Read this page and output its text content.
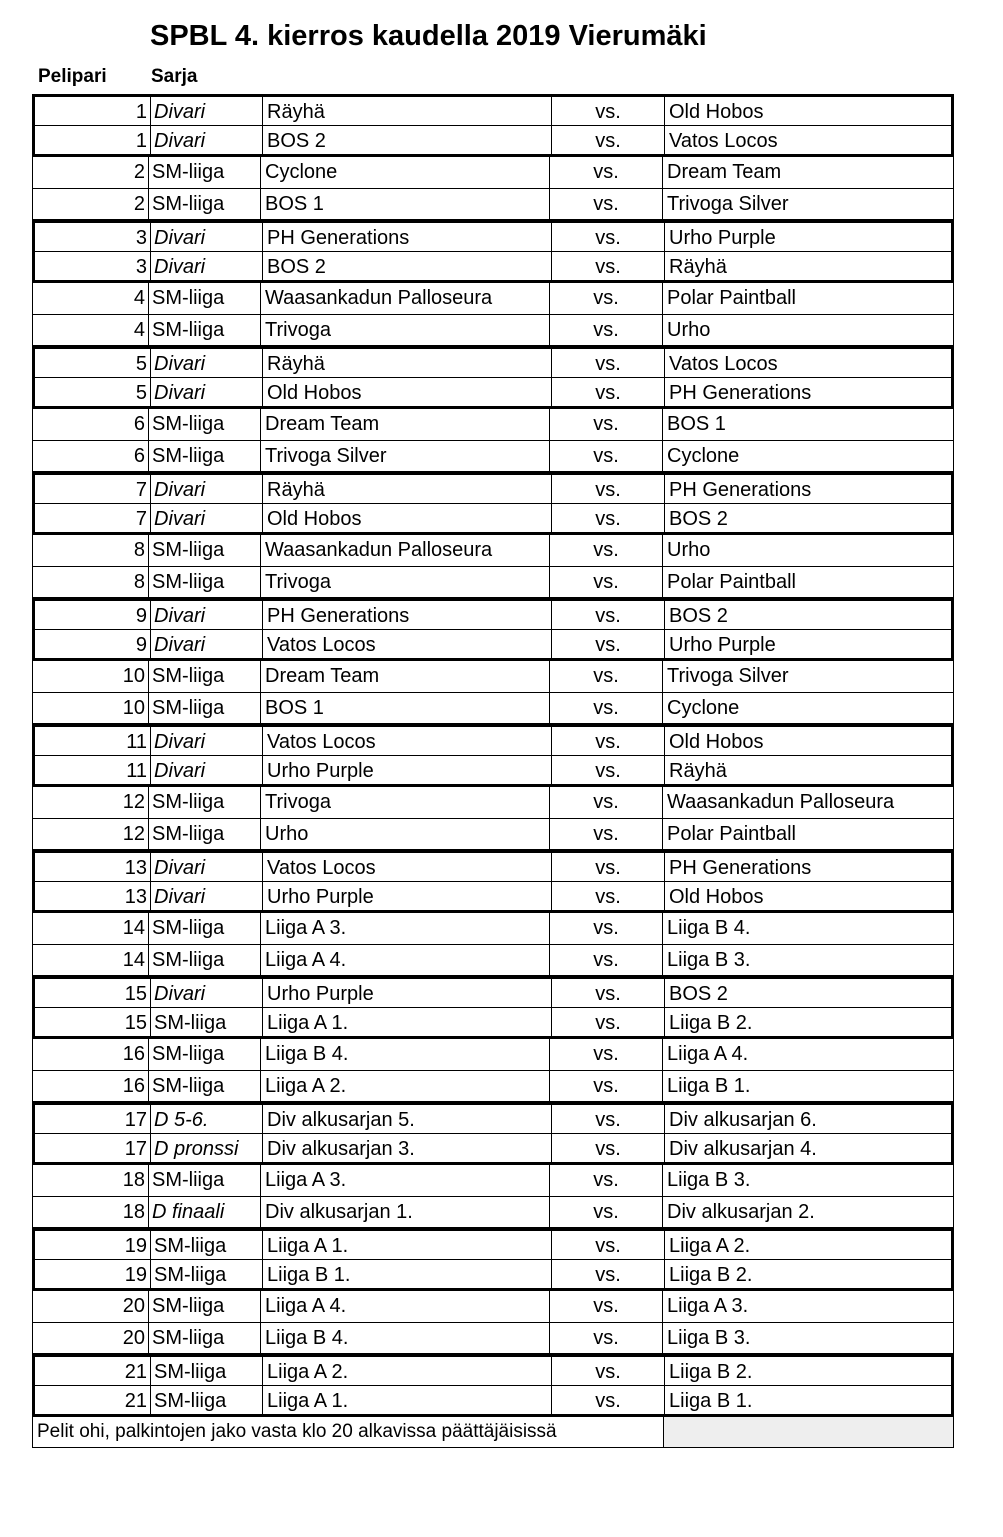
SPBL 4. kierros kaudella 2019 Vierumäki
Pelipari Sarja
1 Divari	Räyhä	vs.	Old Hobos
1 Divari	BOS 2	vs.	Vatos Locos
2 SM-liiga	Cyclone	vs.	Dream Team
2 SM-liiga	BOS 1	vs.	Trivoga Silver
3 Divari	PH Generations	vs.	Urho Purple
3 Divari	BOS 2	vs.	Räyhä
4 SM-liiga	Waasankadun Palloseura	vs.	Polar Paintball
4 SM-liiga	Trivoga	vs.	Urho
5 Divari	Räyhä	vs.	Vatos Locos
5 Divari	Old Hobos	vs.	PH Generations
6 SM-liiga	Dream Team	vs.	BOS 1
6 SM-liiga	Trivoga Silver	vs.	Cyclone
7 Divari	Räyhä	vs.	PH Generations
7 Divari	Old Hobos	vs.	BOS 2
8 SM-liiga	Waasankadun Palloseura	vs.	Urho
8 SM-liiga	Trivoga	vs.	Polar Paintball
9 Divari	PH Generations	vs.	BOS 2
9 Divari	Vatos Locos	vs.	Urho Purple
10 SM-liiga	Dream Team	vs.	Trivoga Silver
10 SM-liiga	BOS 1	vs.	Cyclone
11 Divari	Vatos Locos	vs.	Old Hobos
11 Divari	Urho Purple	vs.	Räyhä
12 SM-liiga	Trivoga	vs.	Waasankadun Palloseura
12 SM-liiga	Urho	vs.	Polar Paintball
13 Divari	Vatos Locos	vs.	PH Generations
13 Divari	Urho Purple	vs.	Old Hobos
14 SM-liiga	Liiga A 3.	vs.	Liiga B 4.
14 SM-liiga	Liiga A 4.	vs.	Liiga B 3.
15 Divari	Urho Purple	vs.	BOS 2
15 SM-liiga	Liiga A 1.	vs.	Liiga B 2.
16 SM-liiga	Liiga B 4.	vs.	Liiga A 4.
16 SM-liiga	Liiga A 2.	vs.	Liiga B 1.
17 D 5-6.	Div alkusarjan 5.	vs.	Div alkusarjan 6.
17 D pronssi	Div alkusarjan 3.	vs.	Div alkusarjan 4.
18 SM-liiga	Liiga A 3.	vs.	Liiga B 3.
18 D finaali	Div alkusarjan 1.	vs.	Div alkusarjan 2.
19 SM-liiga	Liiga A 1.	vs.	Liiga A 2.
19 SM-liiga	Liiga B 1.	vs.	Liiga B 2.
20 SM-liiga	Liiga A 4.	vs.	Liiga A 3.
20 SM-liiga	Liiga B 4.	vs.	Liiga B 3.
21 SM-liiga	Liiga A 2.	vs.	Liiga B 2.
21 SM-liiga	Liiga A 1.	vs.	Liiga B 1.
Pelit ohi, palkintojen jako vasta klo 20 alkavissa päättäjäisissä
